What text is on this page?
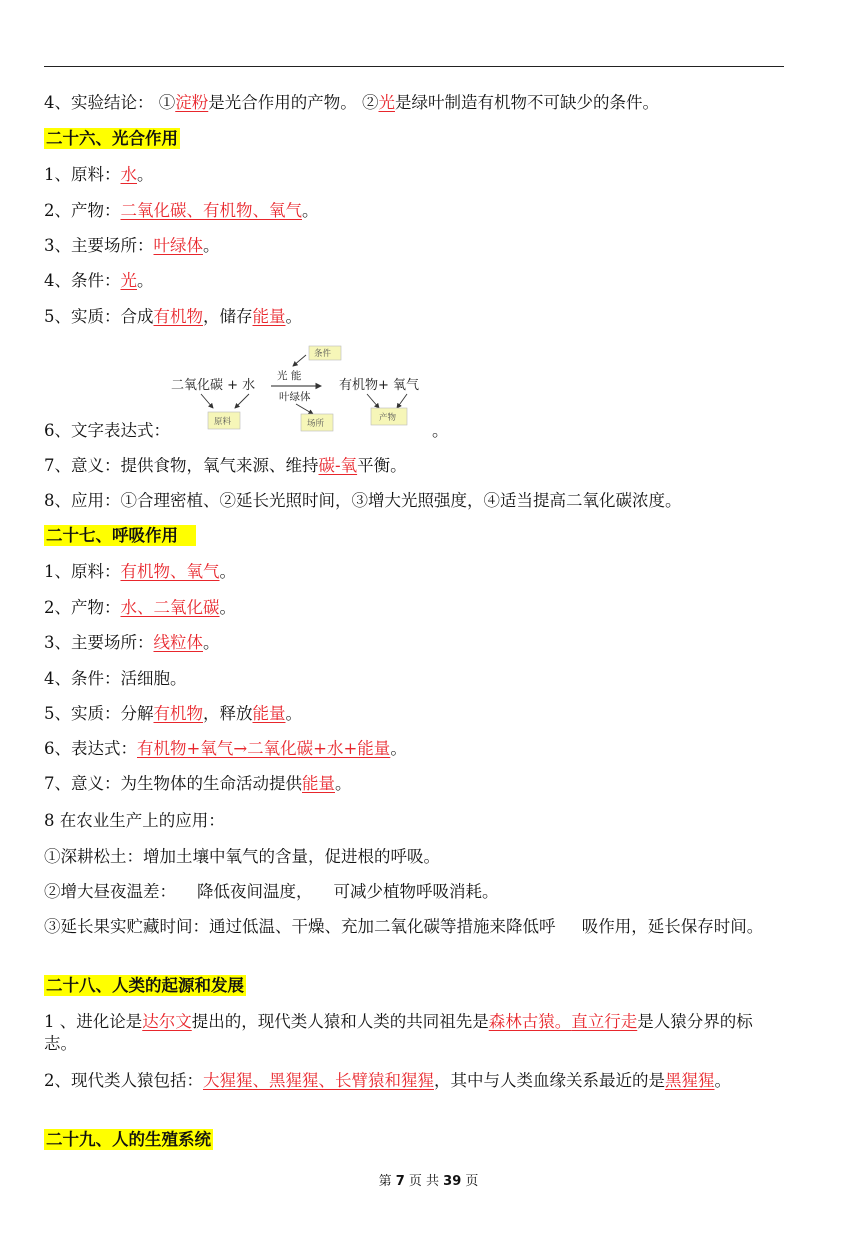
4、实验结论： ①淀粉是光合作用的产物。 ②光是绿叶制造有机物不可缺少的条件。
二十六、光合作用
1、原料：水。
2、产物：二氧化碳、有机物、氧气。
3、主要场所：叶绿体。
4、条件：光。
5、实质：合成有机物，储存能量。
条件
二氧化碳 + 水
光 能
叶绿体
有机物+ 氧气
原料	场所
产物
6、文字表达式：	。
7、意义：提供食物，氧气来源、维持碳-氧平衡。
8、应用：①合理密植、②延长光照时间，③增大光照强度，④适当提高二氧化碳浓度。
二十七、呼吸作用
1、原料：有机物、氧气。
2、产物：水、二氧化碳。
3、主要场所：线粒体。
4、条件：活细胞。
5、实质：分解有机物，释放能量。
6、表达式：有机物+氧气→二氧化碳+水+能量。
7、意义：为生物体的生命活动提供能量。
8 在农业生产上的应用：
①深耕松土：增加土壤中氧气的含量，促进根的呼吸。
②增大昼夜温差：    降低夜间温度，    可减少植物呼吸消耗。
③延长果实贮藏时间：通过低温、干燥、充加二氧化碳等措施来降低呼     吸作用，延长保存时间。
二十八、人类的起源和发展
1 、进化论是达尔文提出的，现代类人猿和人类的共同祖先是森林古猿。直立行走是人猿分界的标志。
2、现代类人猿包括：大猩猩、黑猩猩、长臂猿和猩猩，其中与人类血缘关系最近的是黑猩猩。
二十九、人的生殖系统
第 7 页 共 39 页
